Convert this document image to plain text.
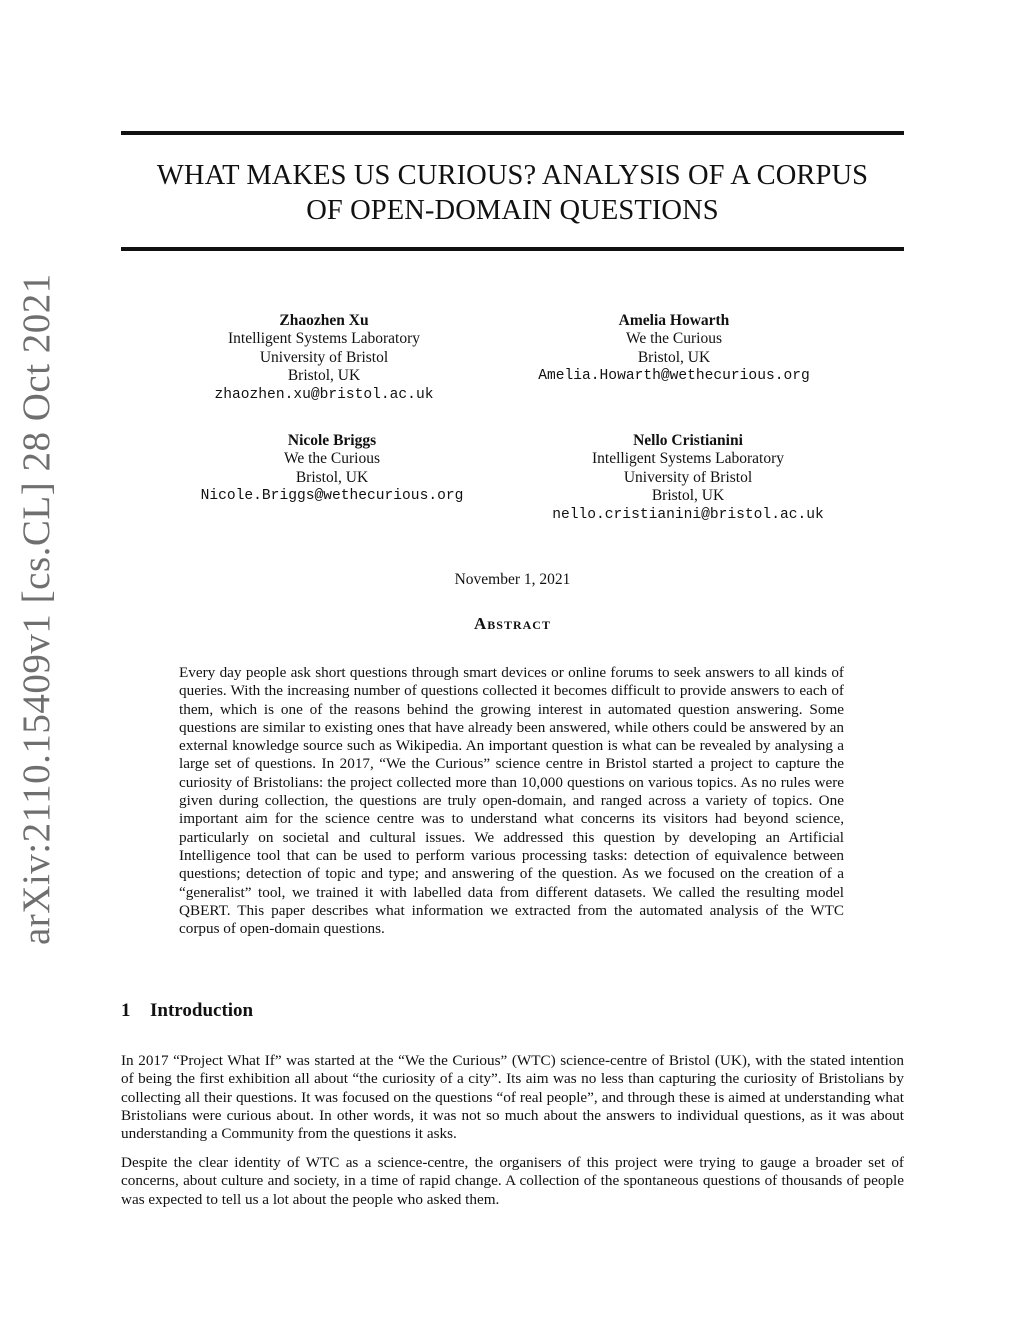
arXiv:2110.15409v1 [cs.CL] 28 Oct 2021
WHAT MAKES US CURIOUS? ANALYSIS OF A CORPUS
OF OPEN-DOMAIN QUESTIONS
Zhaozhen Xu
Intelligent Systems Laboratory
University of Bristol
Bristol, UK
zhaozhen.xu@bristol.ac.uk
Amelia Howarth
We the Curious
Bristol, UK
Amelia.Howarth@wethecurious.org
Nicole Briggs
We the Curious
Bristol, UK
Nicole.Briggs@wethecurious.org
Nello Cristianini
Intelligent Systems Laboratory
University of Bristol
Bristol, UK
nello.cristianini@bristol.ac.uk
November 1, 2021
Abstract
Every day people ask short questions through smart devices or online forums to seek answers to all kinds of queries. With the increasing number of questions collected it becomes difficult to provide answers to each of them, which is one of the reasons behind the growing interest in automated question answering. Some questions are similar to existing ones that have already been answered, while others could be answered by an external knowledge source such as Wikipedia. An important question is what can be revealed by analysing a large set of questions. In 2017, “We the Curious” science centre in Bristol started a project to capture the curiosity of Bristolians: the project collected more than 10,000 questions on various topics. As no rules were given during collection, the questions are truly open-domain, and ranged across a variety of topics. One important aim for the science centre was to understand what concerns its visitors had beyond science, particularly on societal and cultural issues. We addressed this question by developing an Artificial Intelligence tool that can be used to perform various processing tasks: detection of equivalence between questions; detection of topic and type; and answering of the question. As we focused on the creation of a “generalist” tool, we trained it with labelled data from different datasets. We called the resulting model QBERT. This paper describes what information we extracted from the automated analysis of the WTC corpus of open-domain questions.
1 Introduction

In 2017 “Project What If” was started at the “We the Curious” (WTC) science-centre of Bristol (UK), with the stated intention of being the first exhibition all about “the curiosity of a city”. Its aim was no less than capturing the curiosity of Bristolians by collecting all their questions. It was focused on the questions “of real people”, and through these is aimed at understanding what Bristolians were curious about. In other words, it was not so much about the answers to individual questions, as it was about understanding a Community from the questions it asks.

Despite the clear identity of WTC as a science-centre, the organisers of this project were trying to gauge a broader set of concerns, about culture and society, in a time of rapid change. A collection of the spontaneous questions of thousands of people was expected to tell us a lot about the people who asked them.
